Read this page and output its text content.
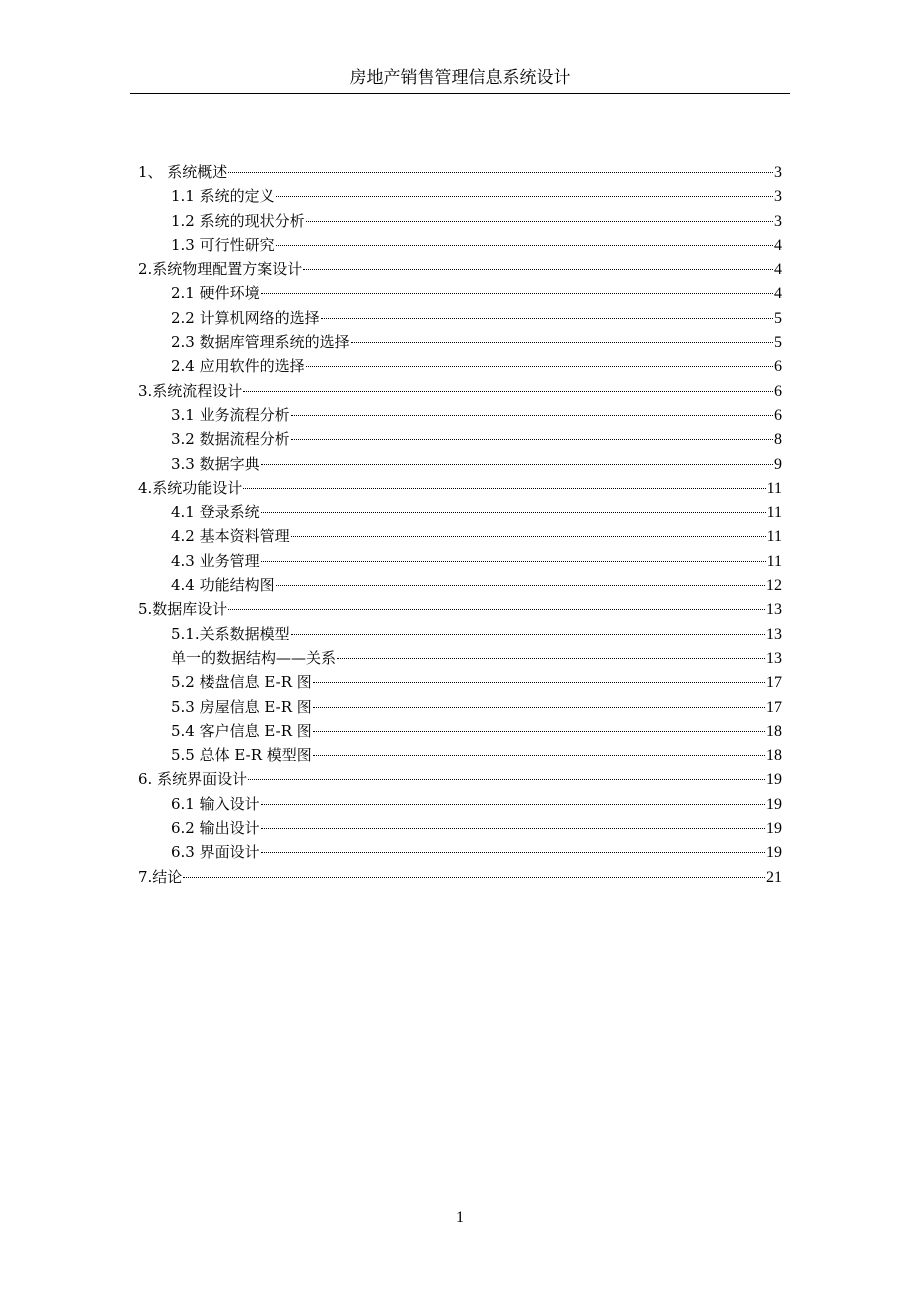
房地产销售管理信息系统设计
1、 系统概述	3
1.1 系统的定义	3
1.2 系统的现状分析	3
1.3 可行性研究	4
2.系统物理配置方案设计	4
2.1 硬件环境	4
2.2 计算机网络的选择	5
2.3 数据库管理系统的选择	5
2.4 应用软件的选择	6
3.系统流程设计	6
3.1 业务流程分析	6
3.2 数据流程分析	8
3.3 数据字典	9
4.系统功能设计	11
4.1 登录系统	11
4.2 基本资料管理	11
4.3 业务管理	11
4.4 功能结构图	12
5.数据库设计	13
5.1.关系数据模型	13
单一的数据结构——关系	13
5.2 楼盘信息 E-R 图	17
5.3 房屋信息 E-R 图	17
5.4 客户信息 E-R 图	18
5.5 总体 E-R 模型图	18
6. 系统界面设计	19
6.1 输入设计	19
6.2 输出设计	19
6.3 界面设计	19
7.结论	21
1
